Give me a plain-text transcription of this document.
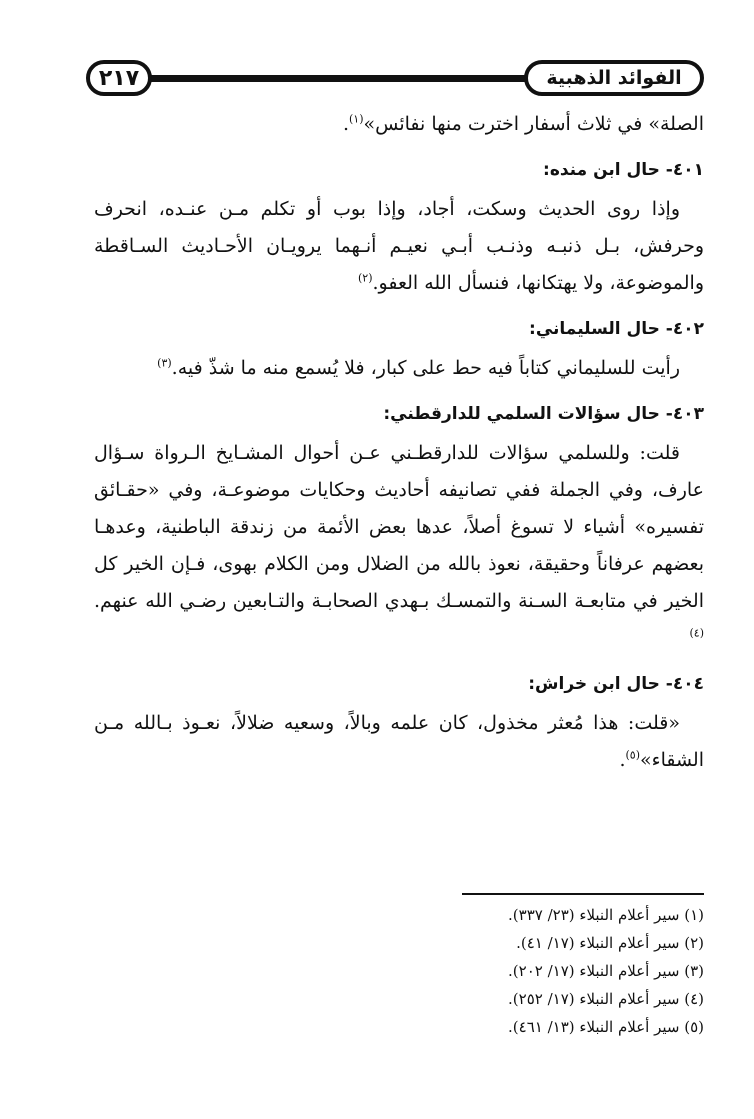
٢١٧	الفوائد الذهبية

الصلة» في ثلاث أسفار اخترت منها نفائس»$^{(١)}$.

٤٠١- حال ابن منده:

وإذا روى الحديث وسكت، أجاد، وإذا بوب أو تكلم مـن عنـده، انحرف وحرفش، بـل ذنبـه وذنـب أبـي نعيـم أنـهما يرويـان الأحـاديث السـاقطة والموضوعة، ولا يهتكانها، فنسأل الله العفو.$^{(٢)}$

٤٠٢- حال السليماني:

رأيت للسليماني كتاباً فيه حط على كبار، فلا يُسمع منه ما شذّ فيه.$^{(٣)}$

٤٠٣- حال سؤالات السلمي للدارقطني:

قلت: وللسلمي سؤالات للدارقطـني عـن أحوال المشـايخ الـرواة سـؤال عارف، وفي الجملة ففي تصانيفه أحاديث وحكايات موضوعـة، وفي «حقـائق تفسيره» أشياء لا تسوغ أصلاً، عدها بعض الأئمة من زندقة الباطنية، وعدهـا بعضهم عرفاناً وحقيقة، نعوذ بالله من الضلال ومن الكلام بهوى، فـإن الخير كل الخير في متابعـة السـنة والتمسـك بـهدي الصحابـة والتـابعين رضـي الله عنهم.$^{(٤)}$

٤٠٤- حال ابن خراش:

«قلت: هذا مُعثر مخذول، كان علمه وبالاً، وسعيه ضلالاً، نعـوذ بـالله مـن الشقاء»$^{(٥)}$.

(١) سير أعلام النبلاء (٢٣/ ٣٣٧).
(٢) سير أعلام النبلاء (١٧/ ٤١).
(٣) سير أعلام النبلاء (١٧/ ٢٠٢).
(٤) سير أعلام النبلاء (١٧/ ٢٥٢).
(٥) سير أعلام النبلاء (١٣/ ٤٦١).
